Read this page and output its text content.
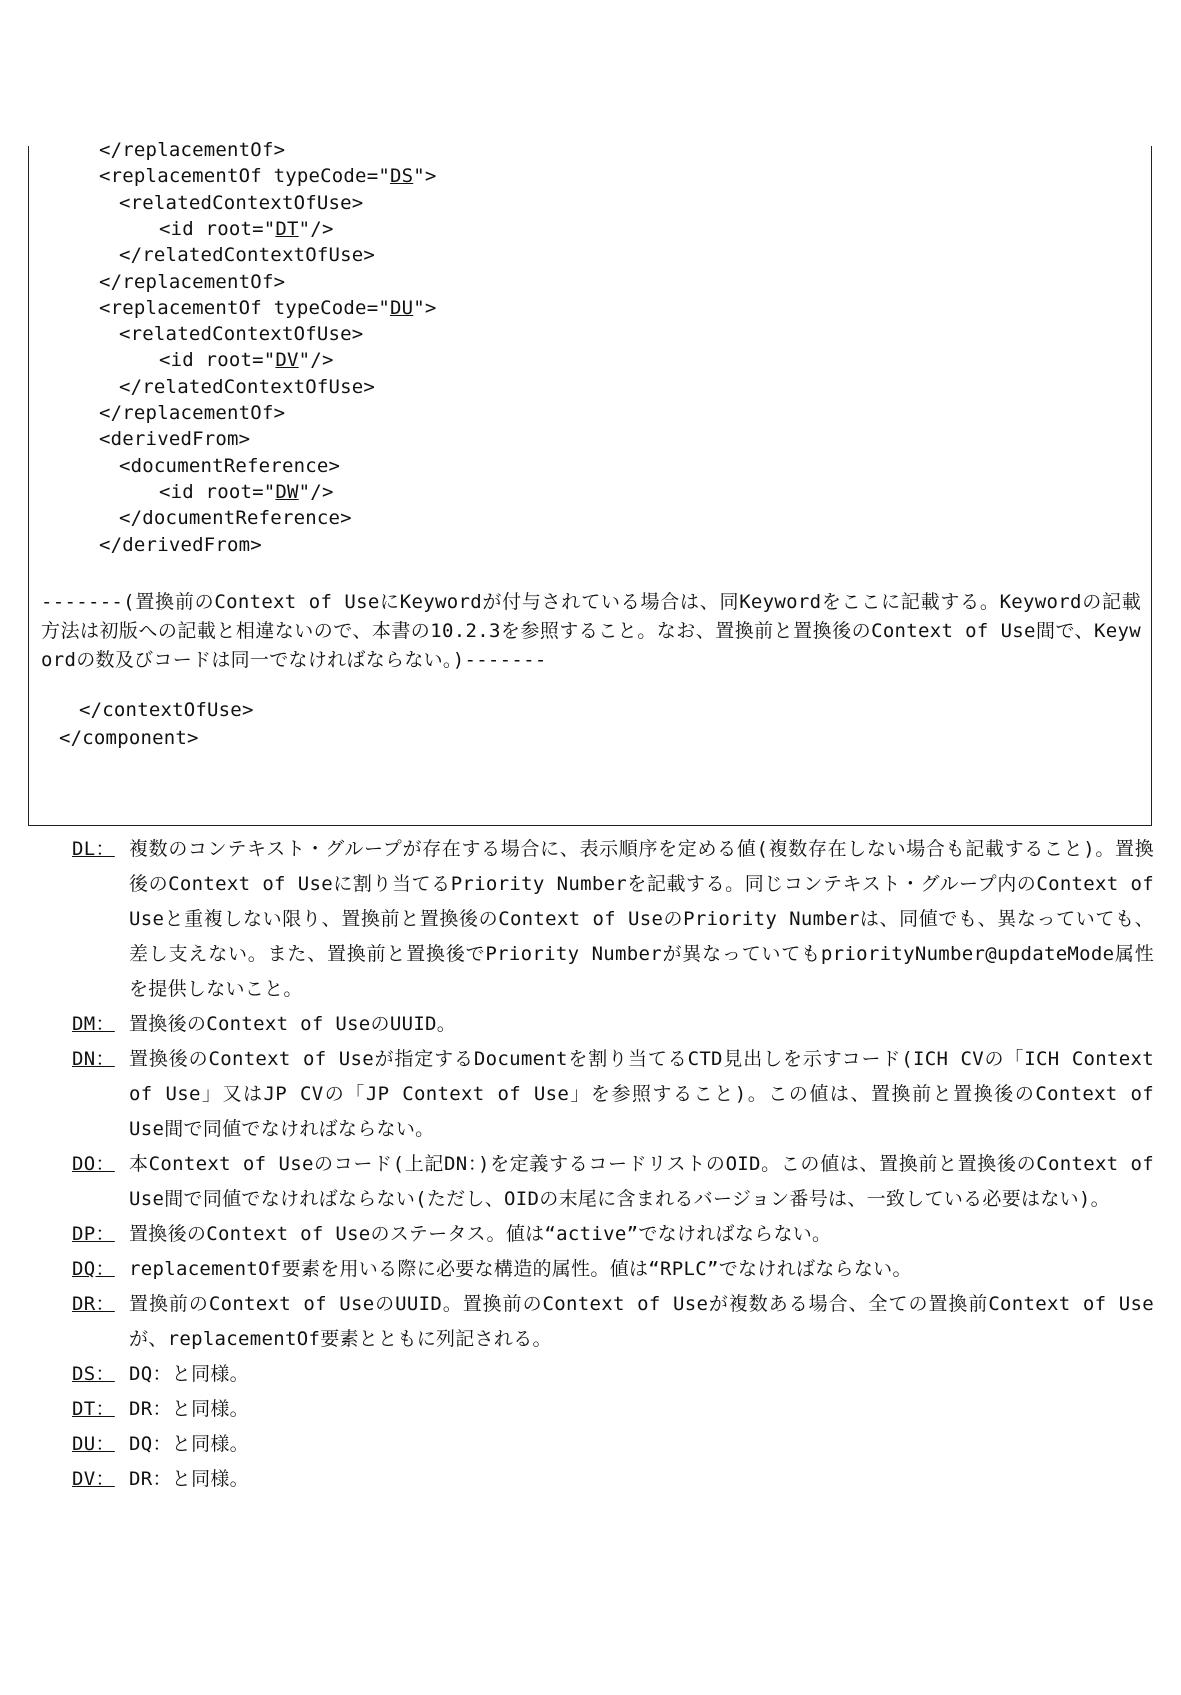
</replacementOf>
<replacementOf typeCode="DS">
<relatedContextOfUse>
<id root="DT"/>
</relatedContextOfUse>
</replacementOf>
<replacementOf typeCode="DU">
<relatedContextOfUse>
<id root="DV"/>
</relatedContextOfUse>
</replacementOf>
<derivedFrom>
<documentReference>
<id root="DW"/>
</documentReference>
</derivedFrom>
-------(置換前のContext of UseにKeywordが付与されている場合は、同Keywordをここに記載する。Keywordの記載方法は初版への記載と相違ないので、本書の10.2.3を参照すること。なお、置換前と置換後のContext of Use間で、Keywordの数及びコードは同一でなければならない。)-------
</contextOfUse>
</component>
DL： 複数のコンテキスト・グループが存在する場合に、表示順序を定める値(複数存在しない場合も記載すること)。置換後のContext of Useに割り当てるPriority Numberを記載する。同じコンテキスト・グループ内のContext of Useと重複しない限り、置換前と置換後のContext of UseのPriority Numberは、同値でも、異なっていても、差し支えない。また、置換前と置換後でPriority Numberが異なっていてもpriorityNumber@updateMode属性を提供しないこと。
DM： 置換後のContext of UseのUUID。
DN： 置換後のContext of Useが指定するDocumentを割り当てるCTD見出しを示すコード(ICH CVの「ICH Context of Use」又はJP CVの「JP Context of Use」を参照すること)。この値は、置換前と置換後のContext of Use間で同値でなければならない。
DO： 本Context of Useのコード(上記DN：)を定義するコードリストのOID。この値は、置換前と置換後のContext of Use間で同値でなければならない(ただし、OIDの末尾に含まれるバージョン番号は、一致している必要はない)。
DP： 置換後のContext of Useのステータス。値は“active”でなければならない。
DQ： replacementOf要素を用いる際に必要な構造的属性。値は“RPLC”でなければならない。
DR： 置換前のContext of UseのUUID。置換前のContext of Useが複数ある場合、全ての置換前Context of Useが、replacementOf要素とともに列記される。
DS： DQ：と同様。
DT： DR：と同様。
DU： DQ：と同様。
DV： DR：と同様。
